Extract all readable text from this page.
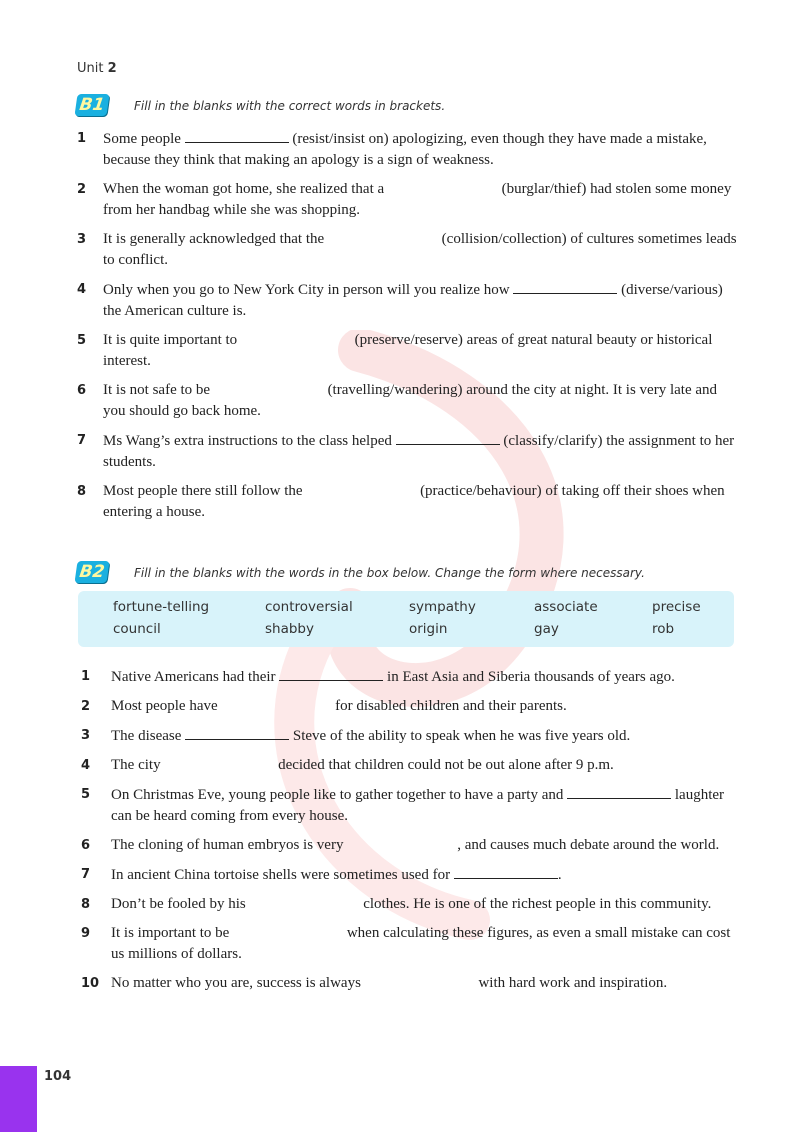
Unit 2
B1	Fill in the blanks with the correct words in brackets.
1 Some people	(resist/insist on) apologizing, even though they have made a mistake, because they think that making an apology is a sign of weakness.
2 When the woman got home, she realized that a	(burglar/thief) had stolen some money from her handbag while she was shopping.
3 It is generally acknowledged that the	(collision/collection) of cultures sometimes leads to conflict.
4 Only when you go to New York City in person will you realize how	(diverse/various) the American culture is.
5 It is quite important to	(preserve/reserve) areas of great natural beauty or historical interest.
6 It is not safe to be	(travelling/wandering) around the city at night. It is very late and you should go back home.
7 Ms Wang’s extra instructions to the class helped	(classify/clarify) the assignment to her students.
8 Most people there still follow the	(practice/behaviour) of taking off their shoes when entering a house.
B2	Fill in the blanks with the words in the box below. Change the form where necessary.
fortune-telling	controversial	sympathy	associate	precise
council	shabby	origin	gay	rob
1 Native Americans had their	in East Asia and Siberia thousands of years ago.
2 Most people have	for disabled children and their parents.
3 The disease	Steve of the ability to speak when he was five years old.
4 The city	decided that children could not be out alone after 9 p.m.
5 On Christmas Eve, young people like to gather together to have a party and	laughter can be heard coming from every house.
6 The cloning of human embryos is very	, and causes much debate around the world.
7 In ancient China tortoise shells were sometimes used for	.
8 Don’t be fooled by his	clothes. He is one of the richest people in this community.
9 It is important to be	when calculating these figures, as even a small mistake can cost us millions of dollars.
10 No matter who you are, success is always	with hard work and inspiration.
104
